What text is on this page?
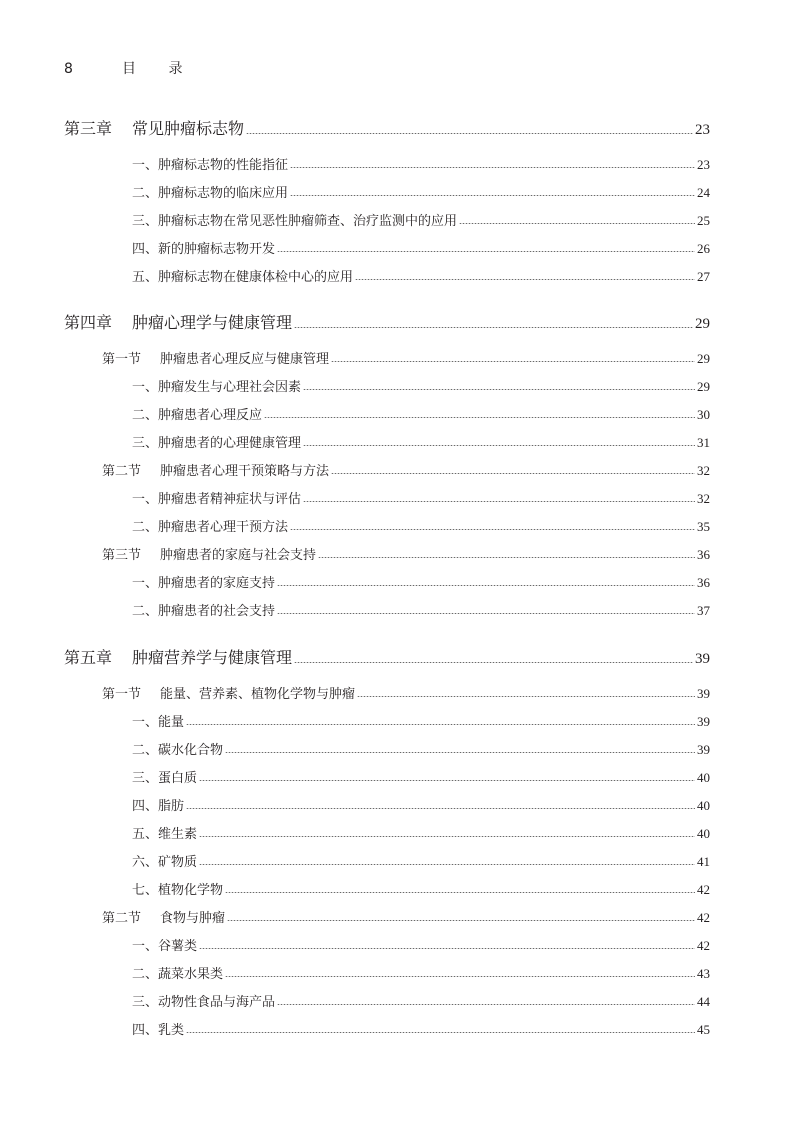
8	目 录
第三章 常见肿瘤标志物	23
一、肿瘤标志物的性能指征	23
二、肿瘤标志物的临床应用	24
三、肿瘤标志物在常见恶性肿瘤筛查、治疗监测中的应用	25
四、新的肿瘤标志物开发	26
五、肿瘤标志物在健康体检中心的应用	27
第四章 肿瘤心理学与健康管理	29
第一节 肿瘤患者心理反应与健康管理	29
一、肿瘤发生与心理社会因素	29
二、肿瘤患者心理反应	30
三、肿瘤患者的心理健康管理	31
第二节 肿瘤患者心理干预策略与方法	32
一、肿瘤患者精神症状与评估	32
二、肿瘤患者心理干预方法	35
第三节 肿瘤患者的家庭与社会支持	36
一、肿瘤患者的家庭支持	36
二、肿瘤患者的社会支持	37
第五章 肿瘤营养学与健康管理	39
第一节 能量、营养素、植物化学物与肿瘤	39
一、能量	39
二、碳水化合物	39
三、蛋白质	40
四、脂肪	40
五、维生素	40
六、矿物质	41
七、植物化学物	42
第二节 食物与肿瘤	42
一、谷薯类	42
二、蔬菜水果类	43
三、动物性食品与海产品	44
四、乳类	45
